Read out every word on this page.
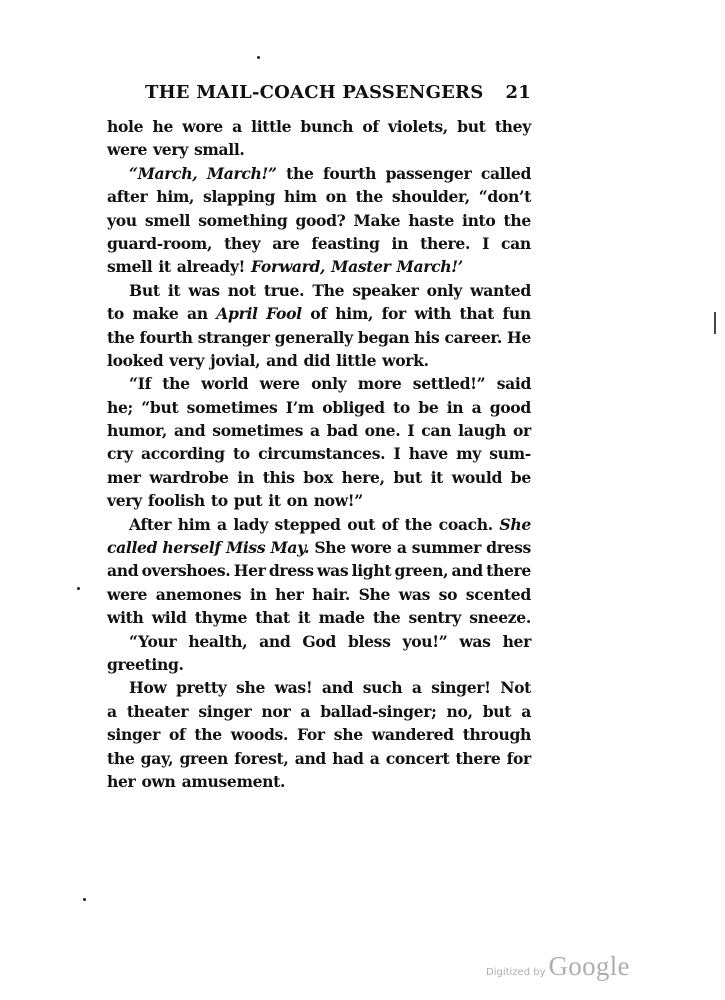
THE MAIL-COACH PASSENGERS 21
hole he wore a little bunch of violets, but they
were very small.
“March, March!” the fourth passenger called
after him, slapping him on the shoulder, “don’t
you smell something good? Make haste into the
guard-room, they are feasting in there. I can
smell it already! Forward, Master March!’
But it was not true. The speaker only wanted
to make an April Fool of him, for with that fun
the fourth stranger generally began his career. He
looked very jovial, and did little work.
“If the world were only more settled!” said
he; “but sometimes I’m obliged to be in a good
humor, and sometimes a bad one. I can laugh or
cry according to circumstances. I have my sum-
mer wardrobe in this box here, but it would be
very foolish to put it on now!”
After him a lady stepped out of the coach. She
called herself Miss May. She wore a summer dress
and overshoes. Her dress was light green, and there
were anemones in her hair. She was so scented
with wild thyme that it made the sentry sneeze.
“Your health, and God bless you!” was her
greeting.
How pretty she was! and such a singer! Not
a theater singer nor a ballad-singer; no, but a
singer of the woods. For she wandered through
the gay, green forest, and had a concert there for
her own amusement.
Digitized by Google
